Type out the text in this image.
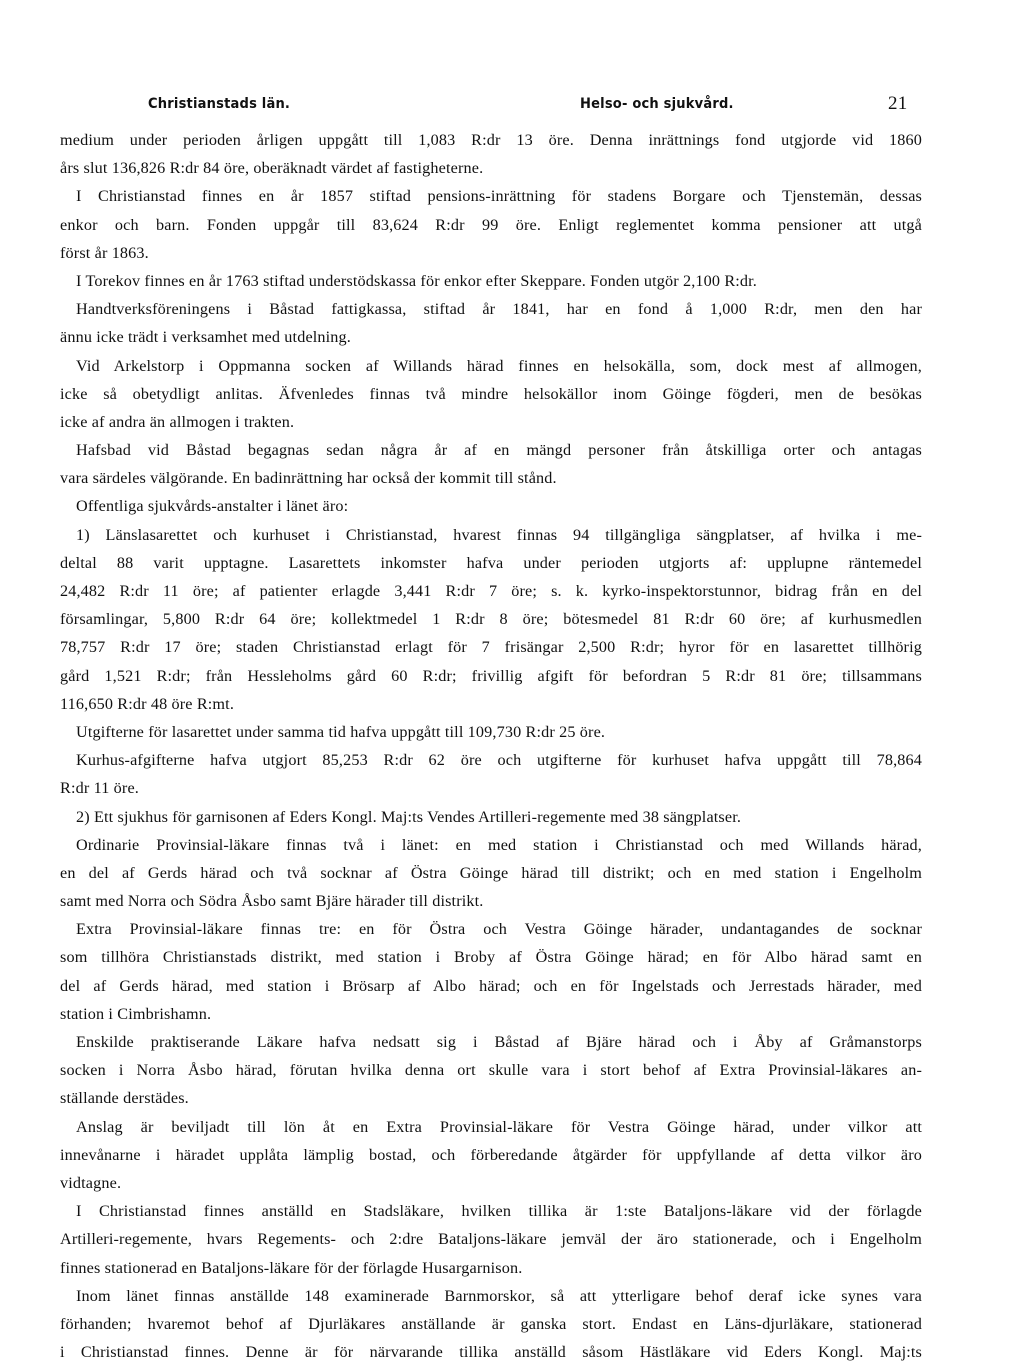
Christianstads län.	Helso- och sjukvård.	21
medium under perioden årligen uppgått till 1,083 R:dr 13 öre. Denna inrättnings fond utgjorde vid 1860
års slut 136,826 R:dr 84 öre, oberäknadt värdet af fastigheterne.
I Christianstad finnes en år 1857 stiftad pensions-inrättning för stadens Borgare och Tjenstemän, dessas
enkor och barn. Fonden uppgår till 83,624 R:dr 99 öre. Enligt reglementet komma pensioner att utgå
först år 1863.
I Torekov finnes en år 1763 stiftad understödskassa för enkor efter Skeppare. Fonden utgör 2,100 R:dr.
Handtverksföreningens i Båstad fattigkassa, stiftad år 1841, har en fond å 1,000 R:dr, men den har
ännu icke trädt i verksamhet med utdelning.
Vid Arkelstorp i Oppmanna socken af Willands härad finnes en helsokälla, som, dock mest af allmogen,
icke så obetydligt anlitas. Äfvenledes finnas två mindre helsokällor inom Göinge fögderi, men de besökas
icke af andra än allmogen i trakten.
Hafsbad vid Båstad begagnas sedan några år af en mängd personer från åtskilliga orter och antagas
vara särdeles välgörande. En badinrättning har också der kommit till stånd.
Offentliga sjukvårds-anstalter i länet äro:
1) Länslasarettet och kurhuset i Christianstad, hvarest finnas 94 tillgängliga sängplatser, af hvilka i me-
deltal 88 varit upptagne. Lasarettets inkomster hafva under perioden utgjorts af: upplupne räntemedel
24,482 R:dr 11 öre; af patienter erlagde 3,441 R:dr 7 öre; s. k. kyrko-inspektorstunnor, bidrag från en del
församlingar, 5,800 R:dr 64 öre; kollektmedel 1 R:dr 8 öre; bötesmedel 81 R:dr 60 öre; af kurhusmedlen
78,757 R:dr 17 öre; staden Christianstad erlagt för 7 frisängar 2,500 R:dr; hyror för en lasarettet tillhörig
gård 1,521 R:dr; från Hessleholms gård 60 R:dr; frivillig afgift för befordran 5 R:dr 81 öre; tillsammans
116,650 R:dr 48 öre R:mt.
Utgifterne för lasarettet under samma tid hafva uppgått till 109,730 R:dr 25 öre.
Kurhus-afgifterne hafva utgjort 85,253 R:dr 62 öre och utgifterne för kurhuset hafva uppgått till 78,864
R:dr 11 öre.
2) Ett sjukhus för garnisonen af Eders Kongl. Maj:ts Vendes Artilleri-regemente med 38 sängplatser.
Ordinarie Provinsial-läkare finnas två i länet: en med station i Christianstad och med Willands härad,
en del af Gerds härad och två socknar af Östra Göinge härad till distrikt; och en med station i Engelholm
samt med Norra och Södra Åsbo samt Bjäre härader till distrikt.
Extra Provinsial-läkare finnas tre: en för Östra och Vestra Göinge härader, undantagandes de socknar
som tillhöra Christianstads distrikt, med station i Broby af Östra Göinge härad; en för Albo härad samt en
del af Gerds härad, med station i Brösarp af Albo härad; och en för Ingelstads och Jerrestads härader, med
station i Cimbrishamn.
Enskilde praktiserande Läkare hafva nedsatt sig i Båstad af Bjäre härad och i Åby af Gråmanstorps
socken i Norra Åsbo härad, förutan hvilka denna ort skulle vara i stort behof af Extra Provinsial-läkares an-
ställande derstädes.
Anslag är beviljadt till lön åt en Extra Provinsial-läkare för Vestra Göinge härad, under vilkor att
innevånarne i häradet upplåta lämplig bostad, och förberedande åtgärder för uppfyllande af detta vilkor äro
vidtagne.
I Christianstad finnes anställd en Stadsläkare, hvilken tillika är 1:ste Bataljons-läkare vid der förlagde
Artilleri-regemente, hvars Regements- och 2:dre Bataljons-läkare jemväl der äro stationerade, och i Engelholm
finnes stationerad en Bataljons-läkare för der förlagde Husargarnison.
Inom länet finnas anställde 148 examinerade Barnmorskor, så att ytterligare behof deraf icke synes vara
förhanden; hvaremot behof af Djurläkares anställande är ganska stort. Endast en Läns-djurläkare, stationerad
i Christianstad finnes. Denne är för närvarande tillika anställd såsom Hästläkare vid Eders Kongl. Maj:ts
